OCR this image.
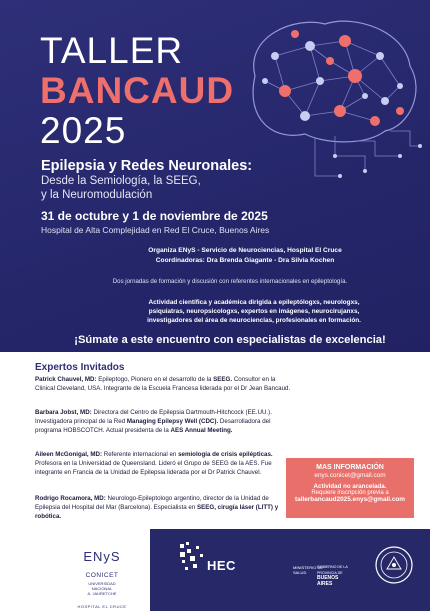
TALLER
BANCAUD
2025
Epilepsia y Redes Neuronales:
Desde la Semiología, la SEEG,
y la Neuromodulación
31 de octubre y 1 de noviembre de 2025
Hospital de Alta Complejidad en Red El Cruce, Buenos Aires
Organiza ENyS - Servicio de Neurociencias, Hospital El Cruce
Coordinadoras: Dra Brenda Giagante - Dra Silvia Kochen
Dos jornadas de formación y discusión con referentes internacionales en epileptología.
Actividad científica y académica dirigida a epileptólogxs, neurologxs,
psiquiatras, neuropsicologxs, expertos en imágenes, neurocirujanxs,
investigadores del área de neurociencias, profesionales en formación.
¡Súmate a este encuentro con especialistas de excelencia!
Expertos Invitados
Patrick Chauvel, MD: Epileptogo, Pionero en el desarrollo de la SEEG. Consultor en la
Clinical Cleveland, USA. Integrante de la Escuela Francesa liderada por el Dr Jean Bancaud.
Barbara Jobst, MD: Directora del Centro de Epilepsia Dartmouth-Hitchcock (EE.UU.).
Investigadora principal de la Red Managing Epilepsy Well (CDC). Desarrolladora del
programa HOBSCOTCH. Actual presidenta de la AES Annual Meeting.
Aileen McGonigal, MD: Referente internacional en semiología de crisis epilépticas.
Profesora en la Universidad de Queensland. Lideró el Grupo de SEEG de la AES. Fue
integrante en Francia de la Unidad de Epilepsia liderada por el Dr Patrick Chauvel.
Rodrigo Rocamora, MD: Neurologo-Epileptologo argentino, director de la Unidad de
Epilepsia del Hospital del Mar (Barcelona). Especialista en SEEG, cirugía láser (LITT) y
robótica.
MAS INFORMACIÓN
enys.conicet@gmail.com
Actividad no arancelada.
Requiere inscripción previa a
tallerbancaud2025.enys@gmail.com
ENyS
CONICET
UNIVERSIDAD
NACIONAL
A. JAURETCHE
HOSPITAL EL CRUCE
HEC	MINISTERIO DE
SALUD
GOBIERNO DE LA
PROVINCIA DE
BUENOS
AIRES
